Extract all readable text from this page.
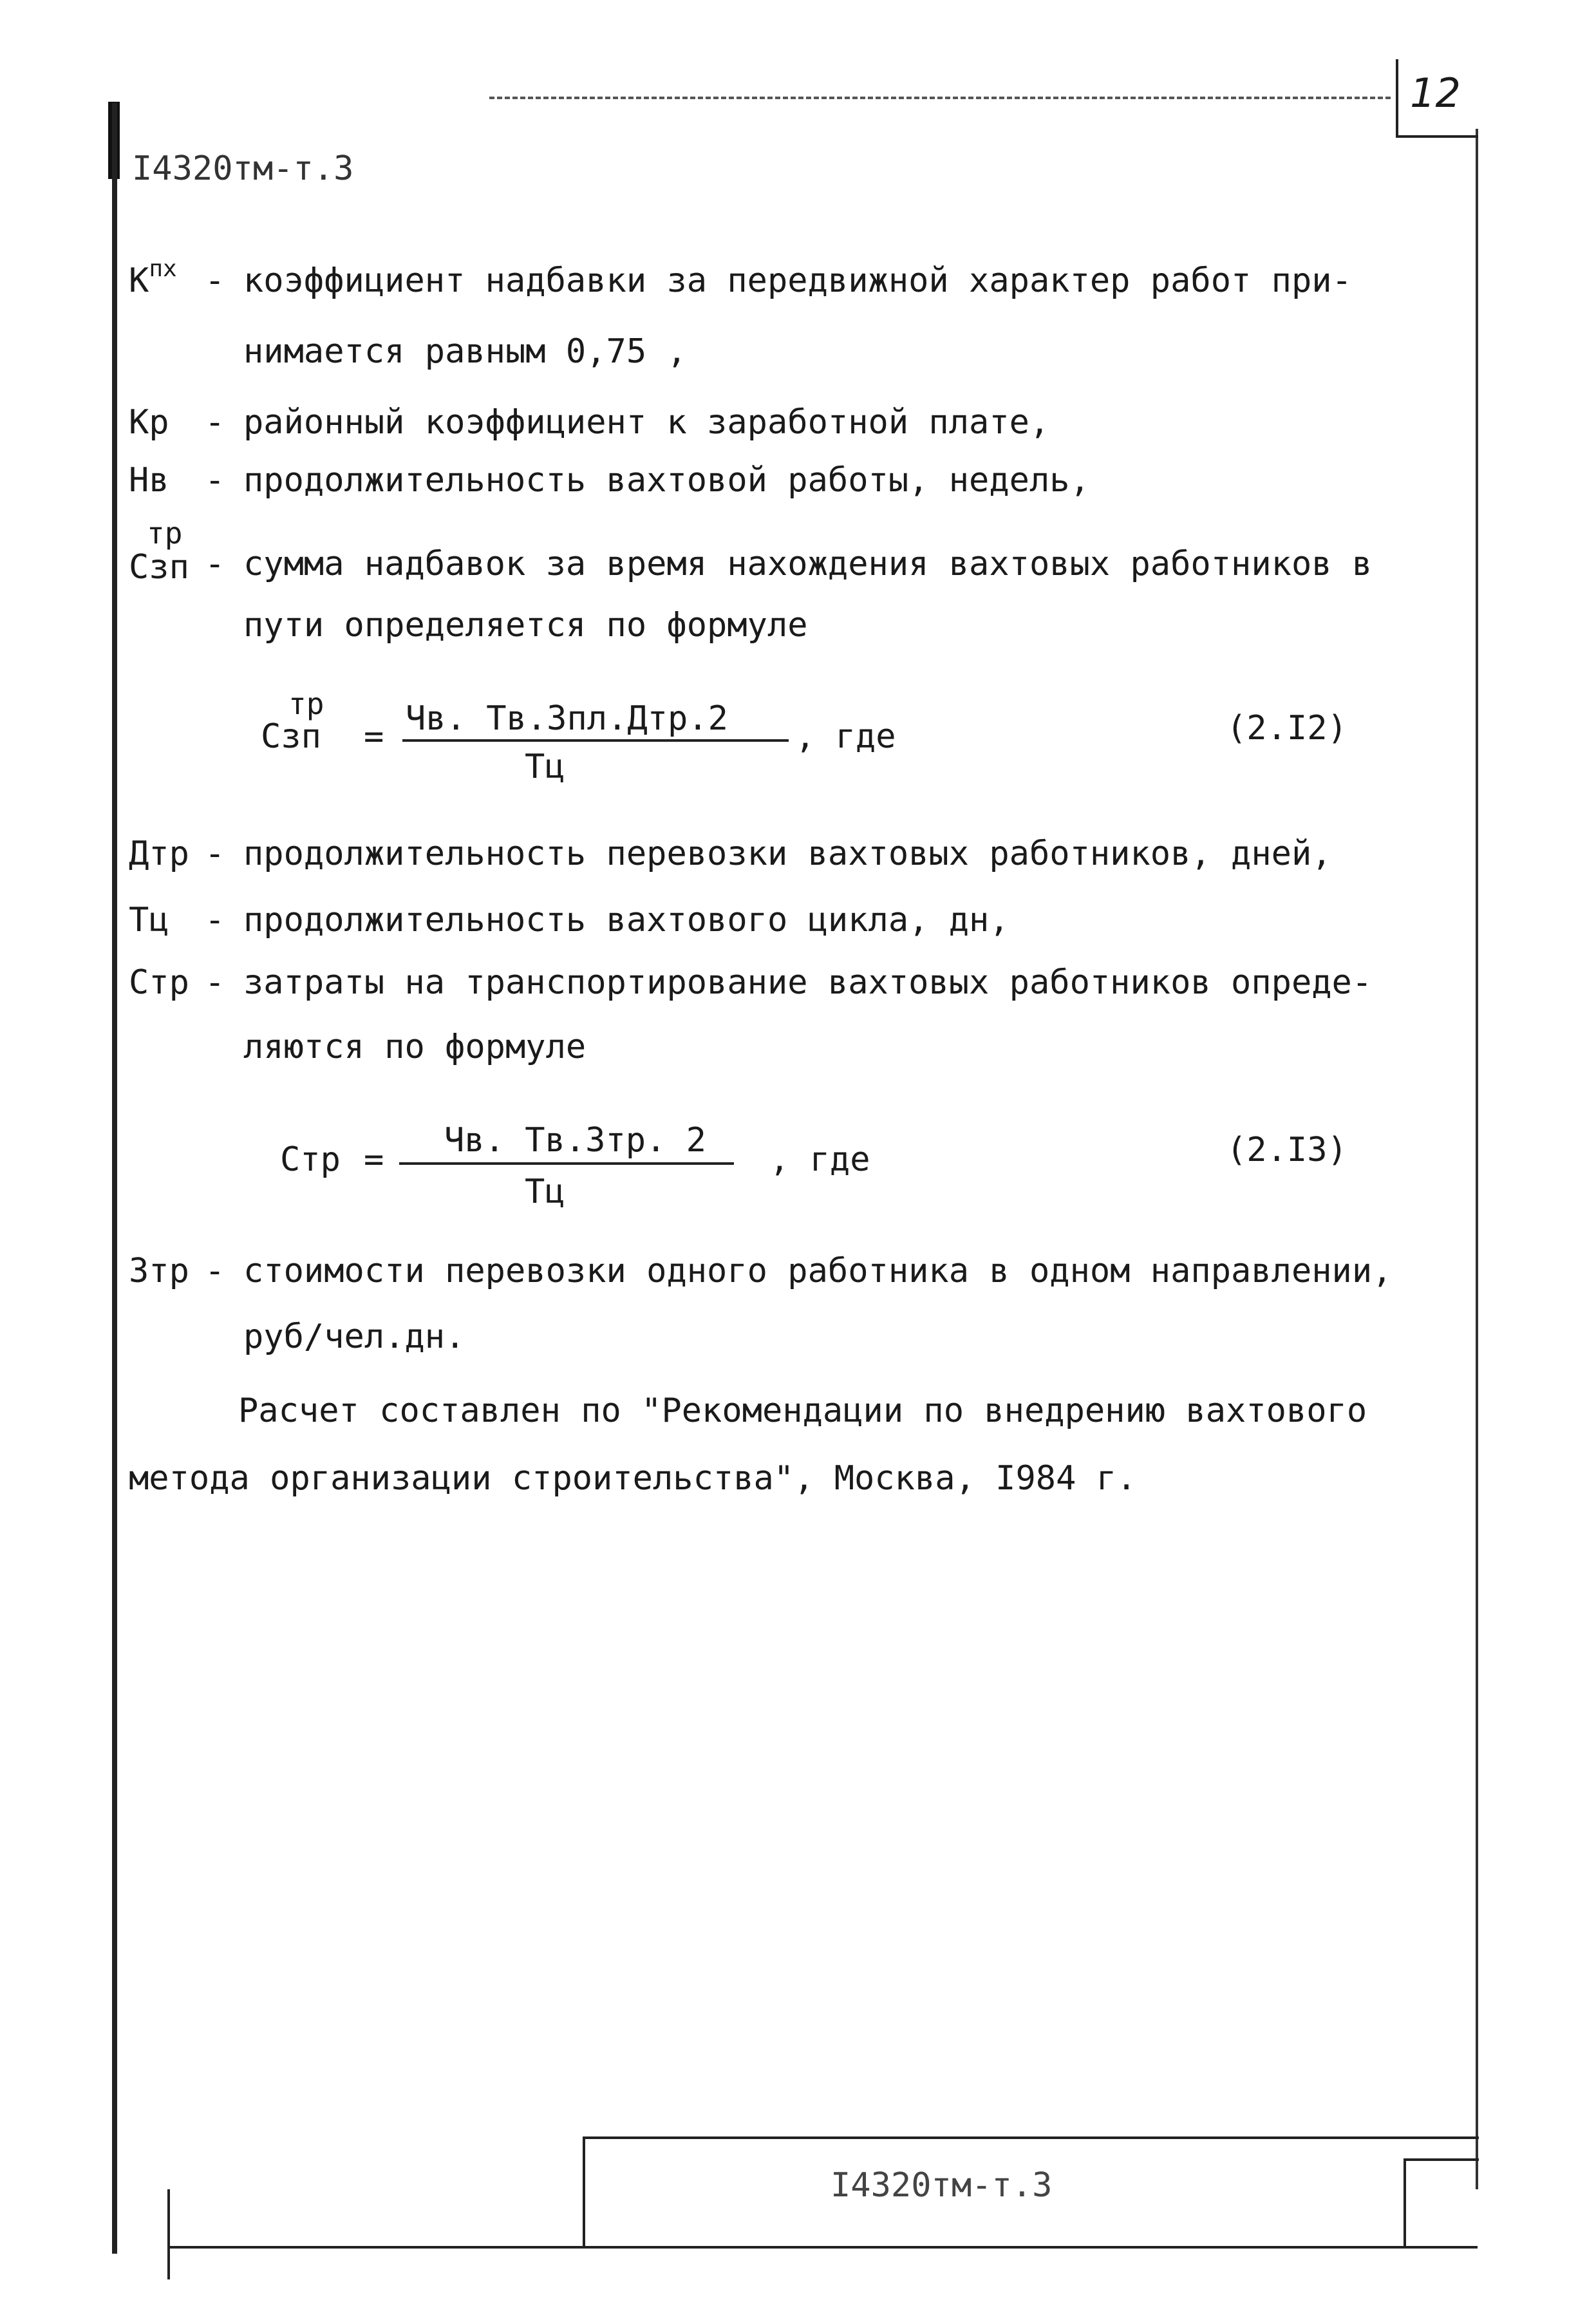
12
I4320тм-т.3
$К^{пх}$ - коэффициент надбавки за передвижной характер работ при-
нимается равным 0,75 ,
Кр - районный коэффициент к заработной плате,
Нв - продолжительность вахтовой работы, недель,
тр
Сзп - сумма надбавок за время нахождения вахтовых работников в
пути определяется по формуле
тр
Сзп = Чв. Тв.Зпл.Дтр.2
Тц
, где	(2.I2)
Дтр - продолжительность перевозки вахтовых работников, дней,
Тц - продолжительность вахтового цикла, дн,
Стр - затраты на транспортирование вахтовых работников опреде-
ляются по формуле
Стр = Чв. Тв.Зтр. 2
Тц
, где	(2.I3)
Зтр - стоимости перевозки одного работника в одном направлении,
руб/чел.дн.
Расчет составлен по "Рекомендации по внедрению вахтового
метода организации строительства", Москва, I984 г.
I4320тм-т.3
